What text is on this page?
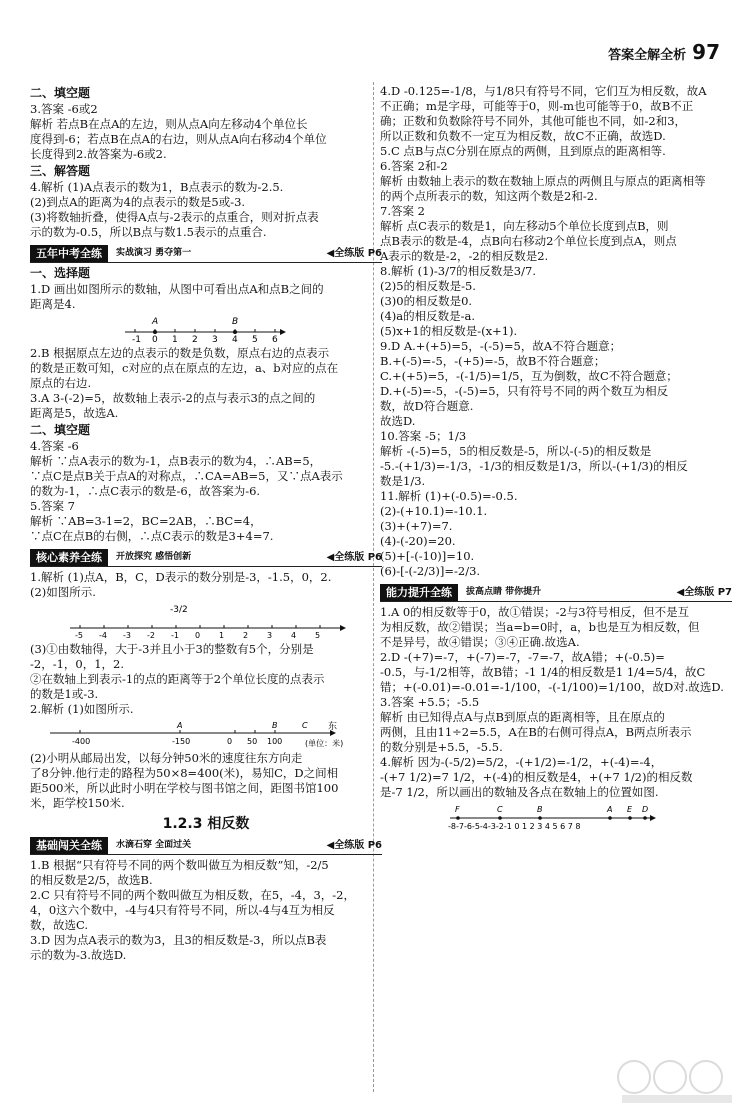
答案全解全析 97
二、填空题

3.答案 -6或2

解析 若点B在点A的左边，则从点A向左移动4个单位长

度得到-6；若点B在点A的右边，则从点A向右移动4个单位

长度得到2.故答案为-6或2.

三、解答题

4.解析 (1)A点表示的数为1，B点表示的数为-2.5.

(2)到点A的距离为4的点表示的数是5或-3.

(3)将数轴折叠，使得A点与-2表示的点重合，则对折点表

示的数为-0.5，所以B点与数1.5表示的点重合.

五年中考全练	实战演习 勇夺第一	◀全练版 P6
一、选择题

1.D 画出如图所示的数轴，从图中可看出点A和点B之间的

距离是4.

-1 0 1 2 3 4 5 6
A	B

2.B 根据原点左边的点表示的数是负数，原点右边的点表示

的数是正数可知，c对应的点在原点的左边，a、b对应的点在

原点的右边.

3.A 3-(-2)=5，故数轴上表示-2的点与表示3的点之间的

距离是5，故选A.

二、填空题

4.答案 -6

解析 ∵点A表示的数为-1，点B表示的数为4，∴AB=5，

∵点C是点B关于点A的对称点，∴CA=AB=5，又∵点A表示

的数为-1，∴点C表示的数是-6，故答案为-6.

5.答案 7

解析 ∵AB=3-1=2，BC=2AB，∴BC=4，

∵点C在点B的右侧，∴点C表示的数是3+4=7.

核心素养全练	开放探究 感悟创新	◀全练版 P6

1.解析 (1)点A，B，C，D表示的数分别是-3，-1.5，0，2.

(2)如图所示.

-3/2
-5 -4 -3 -2 -1 0 1 2 3 4 5

(3)①由数轴得，大于-3并且小于3的整数有5个，分别是

-2，-1，0，1，2.

②在数轴上到表示-1的点的距离等于2个单位长度的点表示

的数是1或-3.

2.解析 (1)如图所示.

东
(单位：米)
-400	-150	0 50 100
A	B	C

(2)小明从邮局出发，以每分钟50米的速度往东方向走

了8分钟.他行走的路程为50×8=400(米)，易知C，D之间相

距500米，所以此时小明在学校与图书馆之间，距图书馆100

米，距学校150米.

1.2.3 相反数
基础闯关全练	水滴石穿 全面过关	◀全练版 P6

1.B 根据“只有符号不同的两个数叫做互为相反数”知，-2/5

的相反数是2/5，故选B.

2.C 只有符号不同的两个数叫做互为相反数，在5，-4，3，-2，

4，0这六个数中，-4与4只有符号不同，所以-4与4互为相反

数，故选C.

3.D 因为点A表示的数为3，且3的相反数是-3，所以点B表

示的数为-3.故选D.

4.D -0.125=-1/8，与1/8只有符号不同，它们互为相反数，故A

不正确；m是字母，可能等于0，则-m也可能等于0，故B不正

确；正数和负数除符号不同外，其他可能也不同，如-2和3，

所以正数和负数不一定互为相反数，故C不正确，故选D.

5.C 点B与点C分别在原点的两侧，且到原点的距离相等.

6.答案 2和-2

解析 由数轴上表示的数在数轴上原点的两侧且与原点的距离相等

的两个点所表示的数，知这两个数是2和-2.

7.答案 2

解析 点C表示的数是1，向左移动5个单位长度到点B，则

点B表示的数是-4，点B向右移动2个单位长度到点A，则点

A表示的数是-2，-2的相反数是2.

8.解析 (1)-3/7的相反数是3/7.

(2)5的相反数是-5.

(3)0的相反数是0.

(4)a的相反数是-a.

(5)x+1的相反数是-(x+1).

9.D A.+(+5)=5，-(-5)=5，故A不符合题意；

B.+(-5)=-5，-(+5)=-5，故B不符合题意；

C.+(+5)=5，-(-1/5)=1/5，互为倒数，故C不符合题意；

D.+(-5)=-5，-(-5)=5，只有符号不同的两个数互为相反

数，故D符合题意.

故选D.

10.答案 -5；1/3

解析 -(-5)=5，5的相反数是-5，所以-(-5)的相反数是

-5.-(+1/3)=-1/3，-1/3的相反数是1/3，所以-(+1/3)的相反

数是1/3.

11.解析 (1)+(-0.5)=-0.5.

(2)-(+10.1)=-10.1.

(3)+(+7)=7.

(4)-(-20)=20.

(5)+[-(-10)]=10.

(6)-[-(-2/3)]=-2/3.

能力提升全练	拔高点睛 带你提升	◀全练版 P7

1.A 0的相反数等于0，故①错误；-2与3符号相反，但不是互

为相反数，故②错误；当a=b=0时，a，b也是互为相反数，但

不是异号，故④错误；③④正确.故选A.

2.D -(+7)=-7，+(-7)=-7，-7=-7，故A错；+(-0.5)=

-0.5，与-1/2相等，故B错；-1 1/4的相反数是1 1/4=5/4，故C

错；+(-0.01)=-0.01=-1/100，-(-1/100)=1/100，故D对.故选D.

3.答案 +5.5；-5.5

解析 由已知得点A与点B到原点的距离相等，且在原点的

两侧，且由11÷2=5.5，A在B的右侧可得点A，B两点所表示

的数分别是+5.5，-5.5.

4.解析 因为-(-5/2)=5/2，-(+1/2)=-1/2，+(-4)=-4，

-(+7 1/2)=7 1/2，+(-4)的相反数是4，+(+7 1/2)的相反数

是-7 1/2，所以画出的数轴及各点在数轴上的位置如图.

F	C	B	A E D
-8-7-6-5-4-3-2-1 0 1 2 3 4 5 6 7 8
